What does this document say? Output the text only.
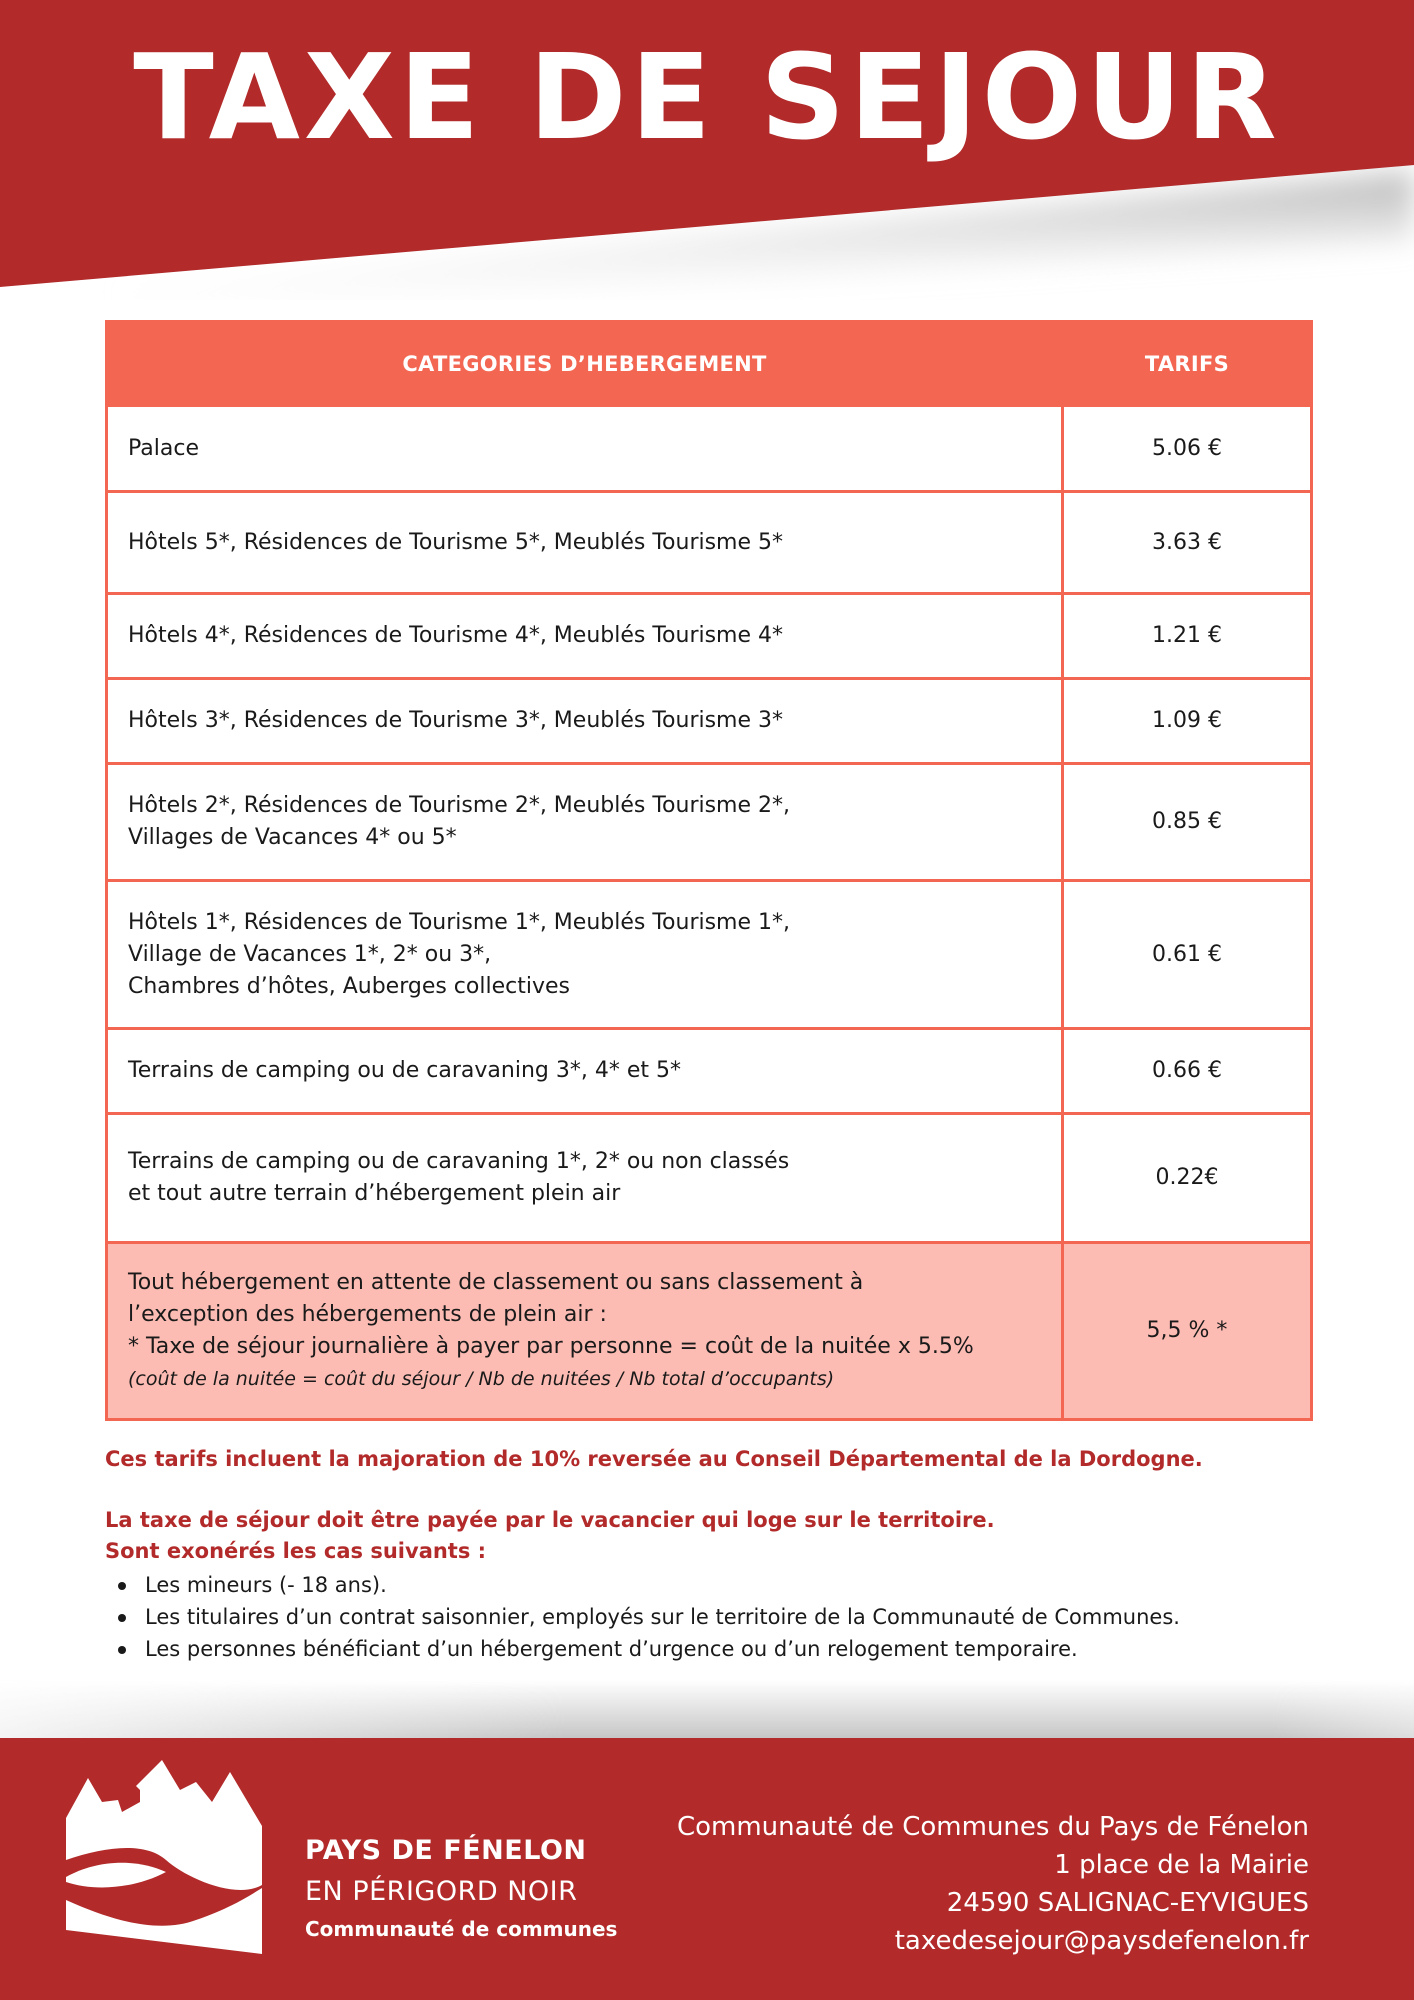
TAXE DE SEJOUR
CATEGORIES D’HEBERGEMENT	TARIFS
Palace	5.06 €
Hôtels 5*, Résidences de Tourisme 5*, Meublés Tourisme 5*	3.63 €
Hôtels 4*, Résidences de Tourisme 4*, Meublés Tourisme 4*	1.21 €
Hôtels 3*, Résidences de Tourisme 3*, Meublés Tourisme 3*	1.09 €

Hôtels 2*, Résidences de Tourisme 2*, Meublés Tourisme 2*,
Villages de Vacances 4* ou 5*	0.85 €

Hôtels 1*, Résidences de Tourisme 1*, Meublés Tourisme 1*,
Village de Vacances 1*, 2* ou 3*,
Chambres d’hôtes, Auberges collectives	0.61 €
Terrains de camping ou de caravaning 3*, 4* et 5*	0.66 €

Terrains de camping ou de caravaning 1*, 2* ou non classés
et tout autre terrain d’hébergement plein air	0.22€

Tout hébergement en attente de classement ou sans classement à
l’exception des hébergements de plein air :
* Taxe de séjour journalière à payer par personne = coût de la nuitée x 5.5%
(coût de la nuitée = coût du séjour / Nb de nuitées / Nb total d’occupants)	5,5 % *
Ces tarifs incluent la majoration de 10% reversée au Conseil Départemental de la Dordogne.
La taxe de séjour doit être payée par le vacancier qui loge sur le territoire.
Sont exonérés les cas suivants :
Les mineurs (- 18 ans).
Les titulaires d’un contrat saisonnier, employés sur le territoire de la Communauté de Communes.
Les personnes bénéficiant d’un hébergement d’urgence ou d’un relogement temporaire.
PAYS DE FÉNELON
EN PÉRIGORD NOIR
Communauté de communes
Communauté de Communes du Pays de Fénelon
1 place de la Mairie
24590 SALIGNAC-EYVIGUES
taxedesejour@paysdefenelon.fr
